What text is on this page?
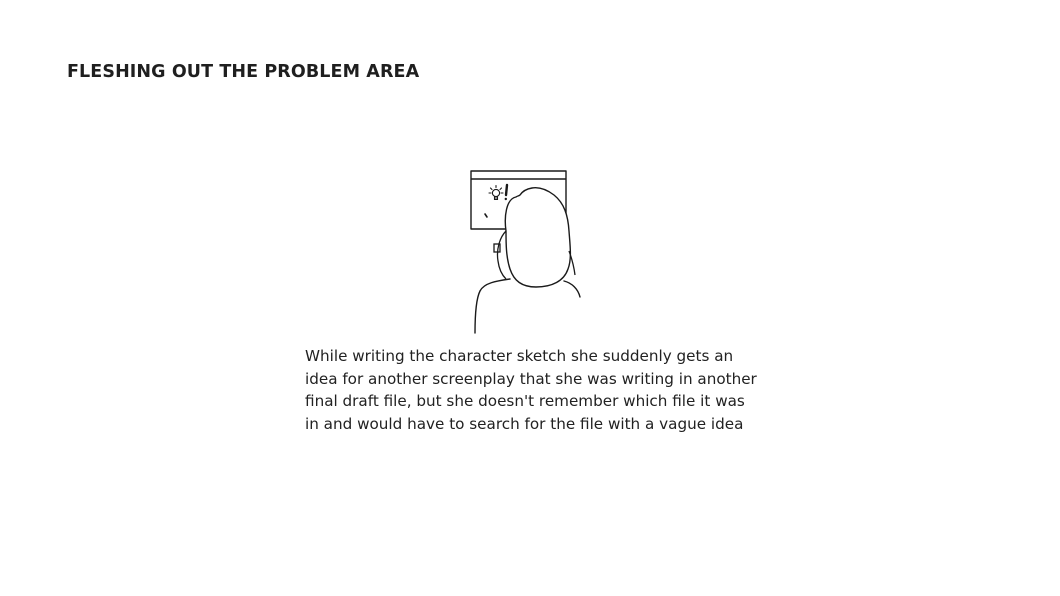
FLESHING OUT THE PROBLEM AREA

While writing the character sketch she suddenly gets an
idea for another screenplay that she was writing in another
final draft file, but she doesn't remember which file it was
in and would have to search for the file with a vague idea
